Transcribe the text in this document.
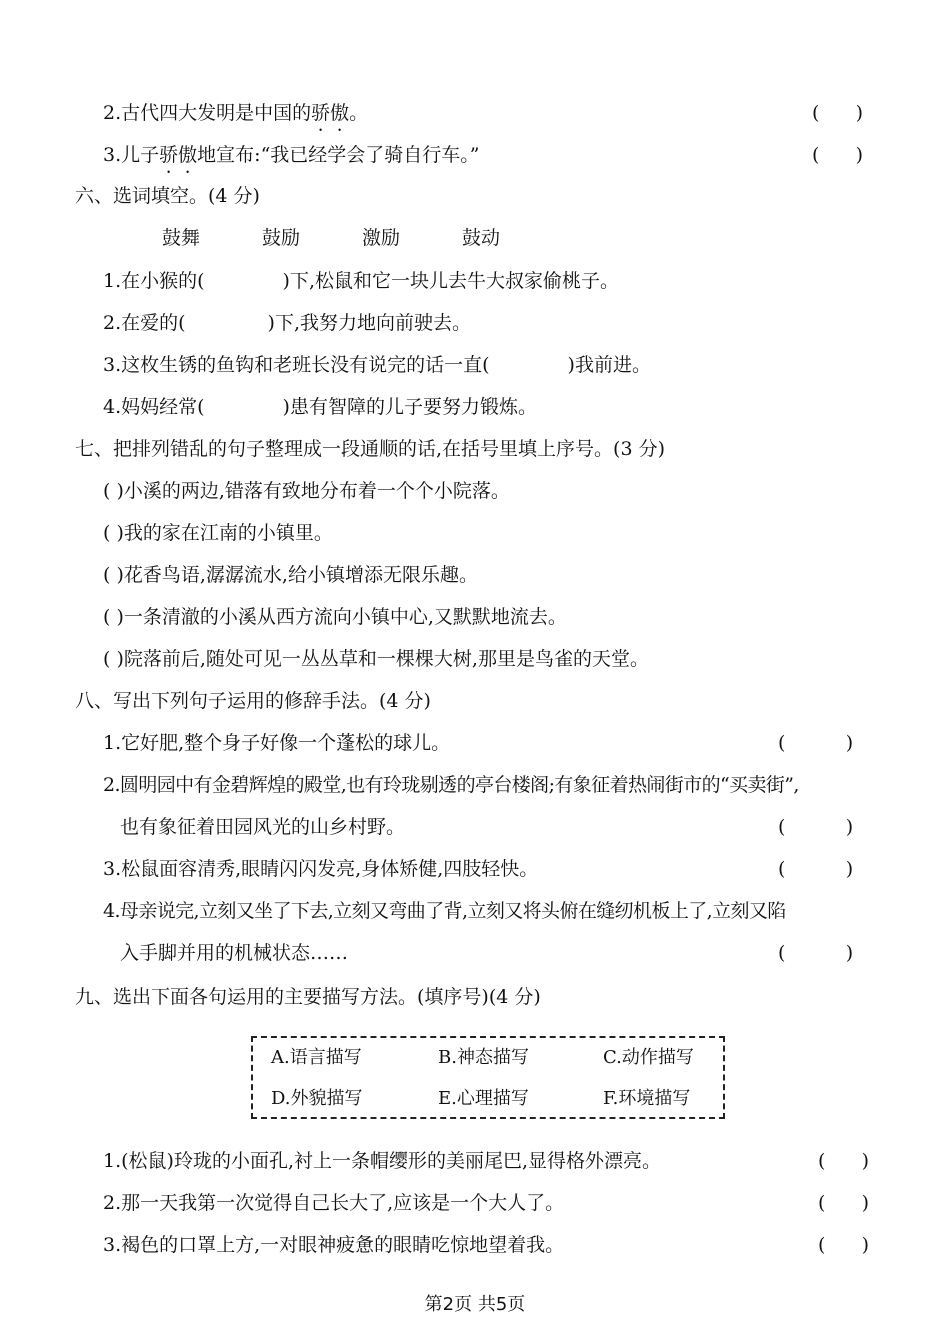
2.古代四大发明是中国的骄傲。	(      )
3.儿子骄傲地宣布:“我已经学会了骑自行车。”	(      )
六、选词填空。(4 分)
鼓舞	鼓励	激励	鼓动
1.在小猴的(	)下,松鼠和它一块儿去牛大叔家偷桃子。
2.在爱的(	)下,我努力地向前驶去。
3.这枚生锈的鱼钩和老班长没有说完的话一直(	)我前进。
4.妈妈经常(	)患有智障的儿子要努力锻炼。
七、把排列错乱的句子整理成一段通顺的话,在括号里填上序号。(3 分)
( )小溪的两边,错落有致地分布着一个个小院落。
( )我的家在江南的小镇里。
( )花香鸟语,潺潺流水,给小镇增添无限乐趣。
( )一条清澈的小溪从西方流向小镇中心,又默默地流去。
( )院落前后,随处可见一丛丛草和一棵棵大树,那里是鸟雀的天堂。
八、写出下列句子运用的修辞手法。(4 分)
1.它好肥,整个身子好像一个蓬松的球儿。	(          )
2.圆明园中有金碧辉煌的殿堂,也有玲珑剔透的亭台楼阁;有象征着热闹街市的“买卖街”,
也有象征着田园风光的山乡村野。	(          )
3.松鼠面容清秀,眼睛闪闪发亮,身体矫健,四肢轻快。	(          )
4.母亲说完,立刻又坐了下去,立刻又弯曲了背,立刻又将头俯在缝纫机板上了,立刻又陷
入手脚并用的机械状态……	(          )
九、选出下面各句运用的主要描写方法。(填序号)(4 分)
A.语言描写	B.神态描写	C.动作描写
D.外貌描写	E.心理描写	F.环境描写
1.(松鼠)玲珑的小面孔,衬上一条帽缨形的美丽尾巴,显得格外漂亮。	(      )
2.那一天我第一次觉得自己长大了,应该是一个大人了。	(      )
3.褐色的口罩上方,一对眼神疲惫的眼睛吃惊地望着我。	(      )
第2页 共5页
